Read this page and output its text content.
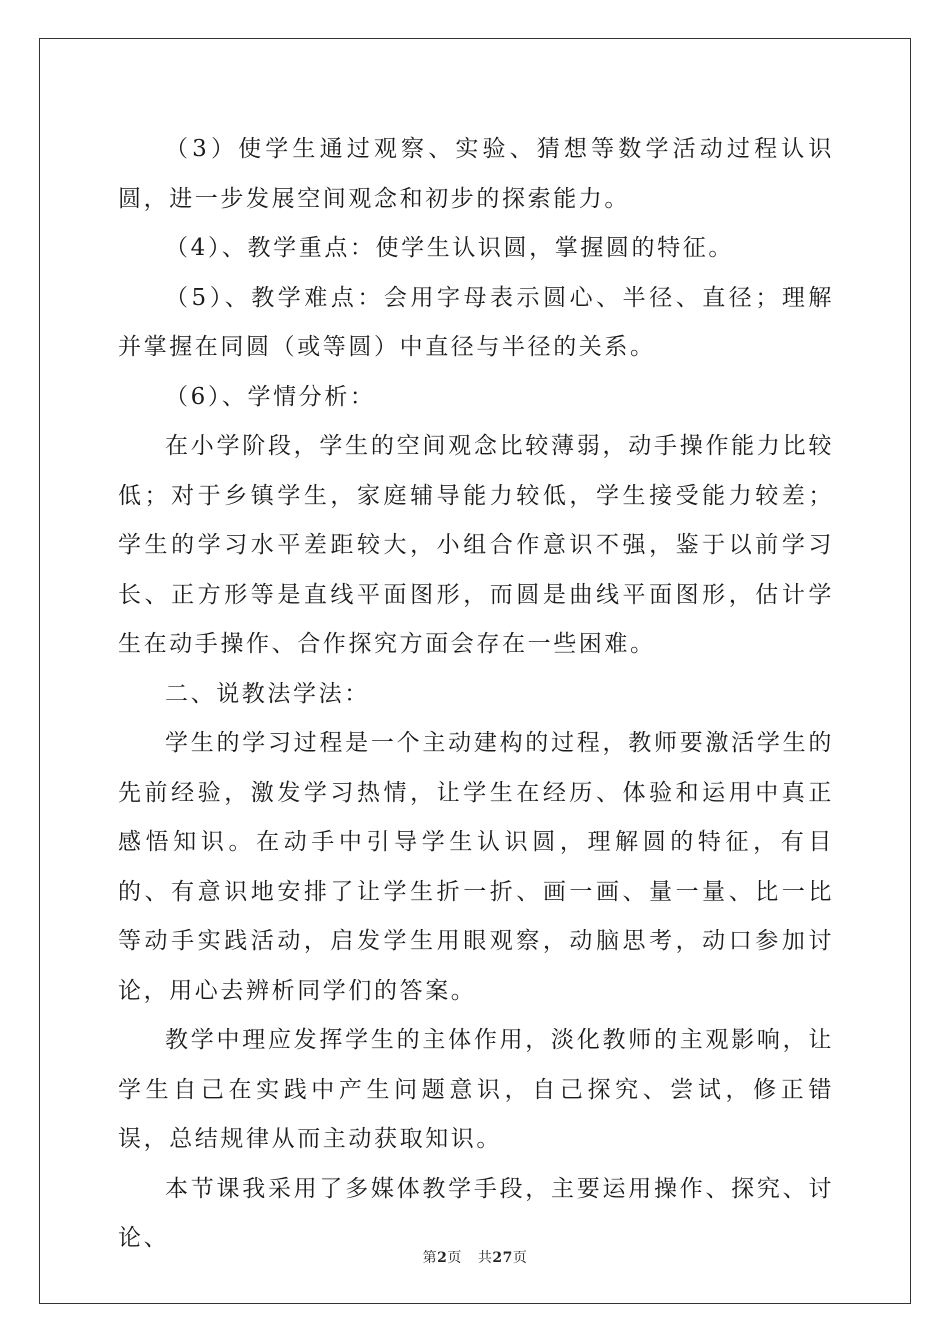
（3）使学生通过观察、实验、猜想等数学活动过程认识圆，进一步发展空间观念和初步的探索能力。

（4）、教学重点：使学生认识圆，掌握圆的特征。

（5）、教学难点：会用字母表示圆心、半径、直径；理解并掌握在同圆（或等圆）中直径与半径的关系。

（6）、学情分析：

在小学阶段，学生的空间观念比较薄弱，动手操作能力比较低；对于乡镇学生，家庭辅导能力较低，学生接受能力较差；学生的学习水平差距较大，小组合作意识不强，鉴于以前学习长、正方形等是直线平面图形，而圆是曲线平面图形，估计学生在动手操作、合作探究方面会存在一些困难。

二、说教法学法：

学生的学习过程是一个主动建构的过程，教师要激活学生的先前经验，激发学习热情，让学生在经历、体验和运用中真正感悟知识。在动手中引导学生认识圆，理解圆的特征，有目的、有意识地安排了让学生折一折、画一画、量一量、比一比等动手实践活动，启发学生用眼观察，动脑思考，动口参加讨论，用心去辨析同学们的答案。

教学中理应发挥学生的主体作用，淡化教师的主观影响，让学生自己在实践中产生问题意识，自己探究、尝试，修正错误，总结规律从而主动获取知识。

本节课我采用了多媒体教学手段，主要运用操作、探究、讨论、

第2页 共27页
